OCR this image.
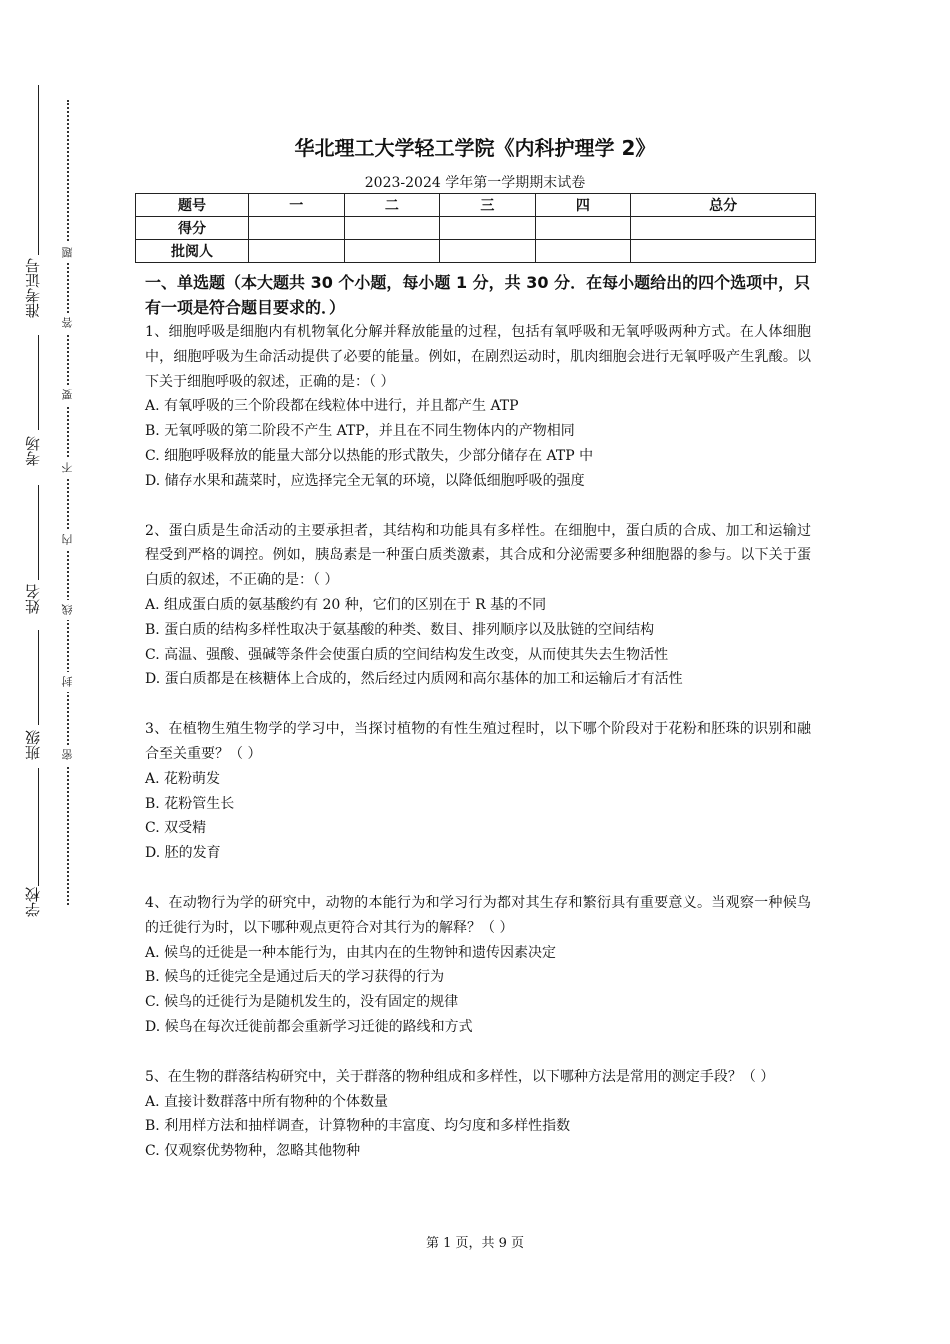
准考证号
考场
姓名
班级
学校
题
答
要
不
内
线
封
密
华北理工大学轻工学院《内科护理学 2》
2023-2024 学年第一学期期末试卷
题号	一	二	三	四	总分
得分					
批阅人					
一、单选题（本大题共 30 个小题，每小题 1 分，共 30 分．在每小题给出的四个选项中，只有一项是符合题目要求的．）
1、细胞呼吸是细胞内有机物氧化分解并释放能量的过程，包括有氧呼吸和无氧呼吸两种方式。在人体细胞中，细胞呼吸为生命活动提供了必要的能量。例如，在剧烈运动时，肌肉细胞会进行无氧呼吸产生乳酸。以下关于细胞呼吸的叙述，正确的是：（ ）
A. 有氧呼吸的三个阶段都在线粒体中进行，并且都产生 ATP
B. 无氧呼吸的第二阶段不产生 ATP，并且在不同生物体内的产物相同
C. 细胞呼吸释放的能量大部分以热能的形式散失，少部分储存在 ATP 中
D. 储存水果和蔬菜时，应选择完全无氧的环境，以降低细胞呼吸的强度
2、蛋白质是生命活动的主要承担者，其结构和功能具有多样性。在细胞中，蛋白质的合成、加工和运输过程受到严格的调控。例如，胰岛素是一种蛋白质类激素，其合成和分泌需要多种细胞器的参与。以下关于蛋白质的叙述，不正确的是：（ ）
A. 组成蛋白质的氨基酸约有 20 种，它们的区别在于 R 基的不同
B. 蛋白质的结构多样性取决于氨基酸的种类、数目、排列顺序以及肽链的空间结构
C. 高温、强酸、强碱等条件会使蛋白质的空间结构发生改变，从而使其失去生物活性
D. 蛋白质都是在核糖体上合成的，然后经过内质网和高尔基体的加工和运输后才有活性
3、在植物生殖生物学的学习中，当探讨植物的有性生殖过程时，以下哪个阶段对于花粉和胚珠的识别和融合至关重要？（ ）
A. 花粉萌发
B. 花粉管生长
C. 双受精
D. 胚的发育
4、在动物行为学的研究中，动物的本能行为和学习行为都对其生存和繁衍具有重要意义。当观察一种候鸟的迁徙行为时，以下哪种观点更符合对其行为的解释？（ ）
A. 候鸟的迁徙是一种本能行为，由其内在的生物钟和遗传因素决定
B. 候鸟的迁徙完全是通过后天的学习获得的行为
C. 候鸟的迁徙行为是随机发生的，没有固定的规律
D. 候鸟在每次迁徙前都会重新学习迁徙的路线和方式
5、在生物的群落结构研究中，关于群落的物种组成和多样性，以下哪种方法是常用的测定手段？（ ）
A. 直接计数群落中所有物种的个体数量
B. 利用样方法和抽样调查，计算物种的丰富度、均匀度和多样性指数
C. 仅观察优势物种，忽略其他物种
第 1 页，共 9 页
